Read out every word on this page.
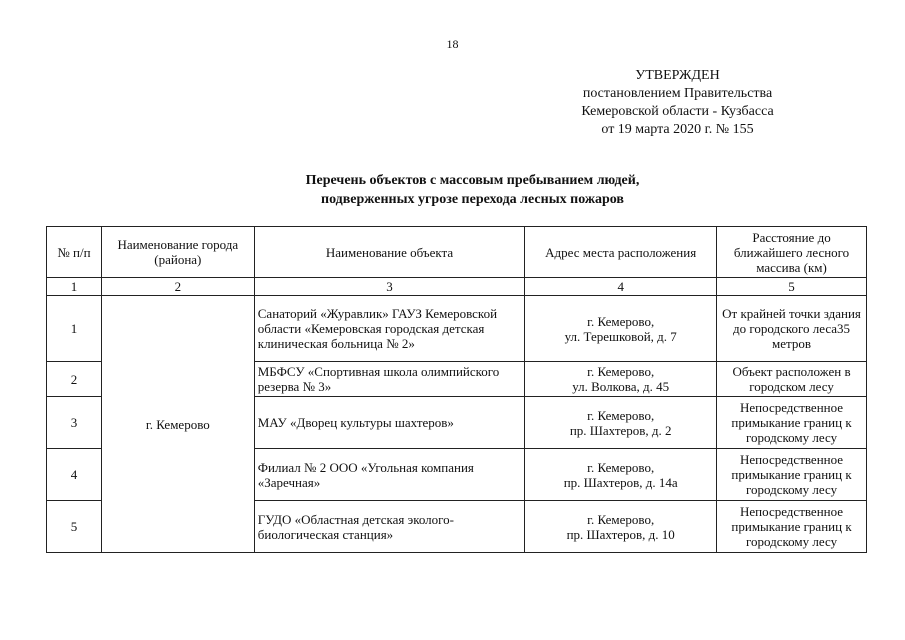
18
УТВЕРЖДЕН
постановлением Правительства
Кемеровской области - Кузбасса
от 19 марта 2020 г. № 155
Перечень объектов с массовым пребыванием людей,
подверженных угрозе перехода лесных пожаров
№ п/п	Наименование города (района)	Наименование объекта	Адрес места расположения	Расстояние до ближайшего лесного массива (км)
1	2	3	4	5
1	г. Кемерово	Санаторий «Журавлик» ГАУЗ Кемеровской области «Кемеровская городская детская клиническая больница № 2»	г. Кемерово,
ул. Терешковой, д. 7	От крайней точки здания до городского леса35 метров
2		МБФСУ «Спортивная школа олимпийского резерва № 3»	г. Кемерово,
ул. Волкова, д. 45	Объект расположен в городском лесу
3		МАУ «Дворец культуры шахтеров»	г. Кемерово,
пр. Шахтеров, д. 2	Непосредственное примыкание границ к городскому лесу
4		Филиал № 2 ООО «Угольная компания «Заречная»	г. Кемерово,
пр. Шахтеров, д. 14а	Непосредственное примыкание границ к городскому лесу
5		ГУДО «Областная детская эколого-биологическая станция»	г. Кемерово,
пр. Шахтеров, д. 10	Непосредственное примыкание границ к городскому лесу
